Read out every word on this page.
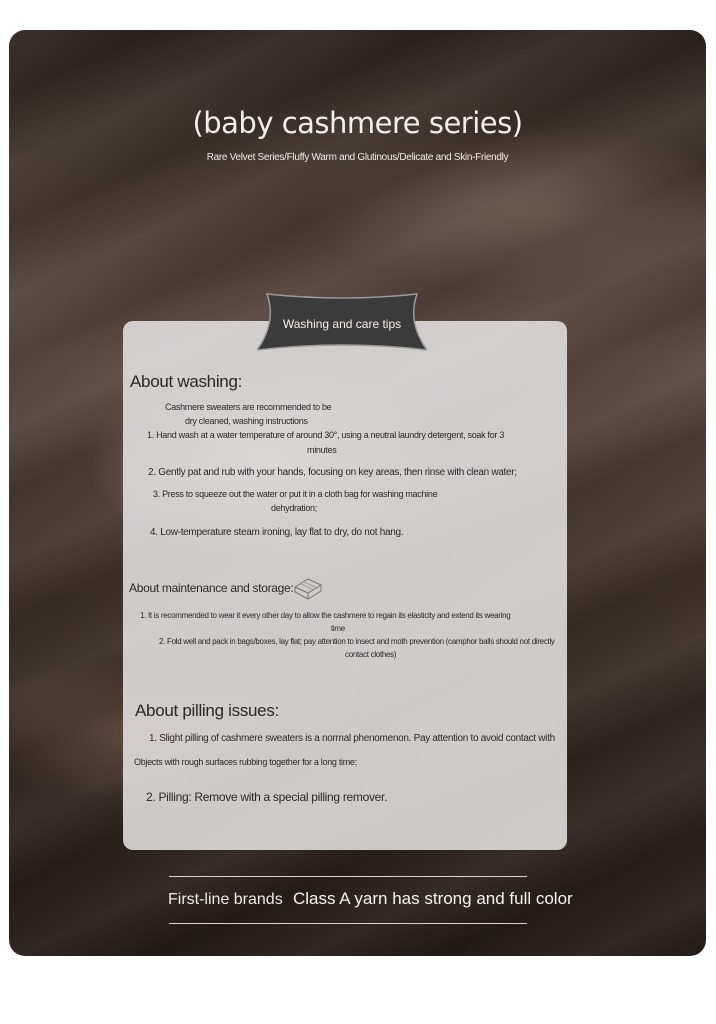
(baby cashmere series)
Rare Velvet Series/Fluffy Warm and Glutinous/Delicate and Skin-Friendly
Washing and care tips
About washing:
Cashmere sweaters are recommended to be
dry cleaned, washing instructions
1. Hand wash at a water temperature of around 30°, using a neutral laundry detergent, soak for 3
minutes
2. Gently pat and rub with your hands, focusing on key areas, then rinse with clean water;
3. Press to squeeze out the water or put it in a cloth bag for washing machine
dehydration;
4. Low-temperature steam ironing, lay flat to dry, do not hang.
About maintenance and storage:
1. It is recommended to wear it every other day to allow the cashmere to regain its elasticity and extend its wearing
time
2. Fold well and pack in bags/boxes, lay flat; pay attention to insect and moth prevention (camphor balls should not directly
contact clothes)
About pilling issues:
1. Slight pilling of cashmere sweaters is a normal phenomenon. Pay attention to avoid contact with
Objects with rough surfaces rubbing together for a long time;
2. Pilling: Remove with a special pilling remover.
First-line brands Class A yarn has strong and full color
